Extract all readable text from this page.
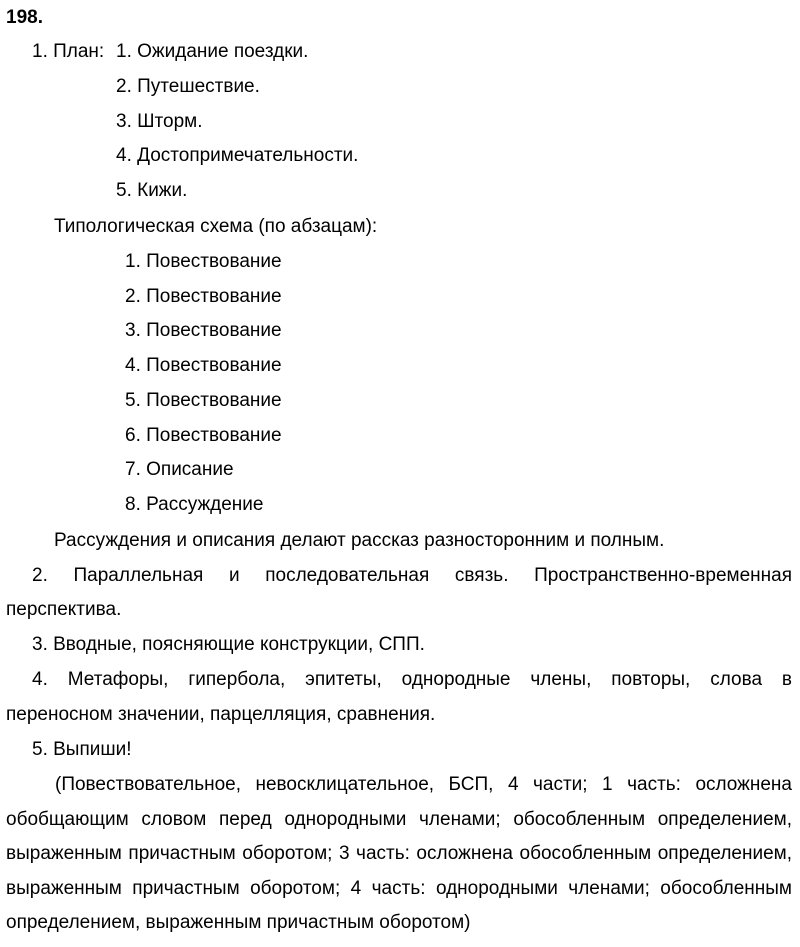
198.
1. План: 1. Ожидание поездки.
2. Путешествие.
3. Шторм.
4. Достопримечательности.
5. Кижи.
Типологическая схема (по абзацам):
1. Повествование
2. Повествование
3. Повествование
4. Повествование
5. Повествование
6. Повествование
7. Описание
8. Рассуждение
Рассуждения и описания делают рассказ разносторонним и полным.
2. Параллельная и последовательная связь. Пространственно-временная
перспектива.
3. Вводные, поясняющие конструкции, СПП.
4. Метафоры, гипербола, эпитеты, однородные члены, повторы, слова в
переносном значении, парцелляция, сравнения.
5. Выпиши!
(Повествовательное, невосклицательное, БСП, 4 части; 1 часть: осложнена обобщающим словом перед однородными членами; обособленным определением, выраженным причастным оборотом; 3 часть: осложнена обособленным определением, выраженным причастным оборотом; 4 часть: однородными членами; обособленным определением, выраженным причастным оборотом)
